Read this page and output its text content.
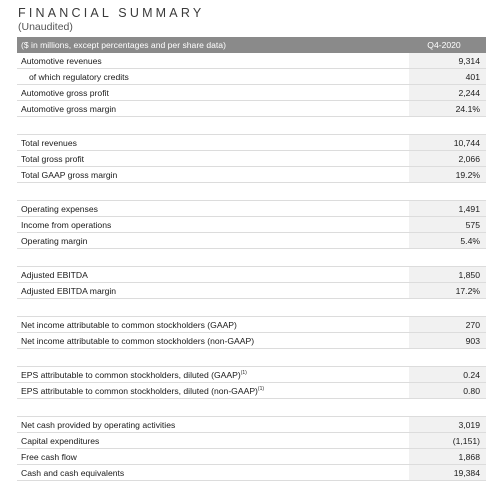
FINANCIAL SUMMARY
(Unaudited)
($ in millions, except percentages and per share data)	Q4-2020
Automotive revenues	9,314
of which regulatory credits	401
Automotive gross profit	2,244
Automotive gross margin	24.1%
Total revenues	10,744
Total gross profit	2,066
Total GAAP gross margin	19.2%
Operating expenses	1,491
Income from operations	575
Operating margin	5.4%
Adjusted EBITDA	1,850
Adjusted EBITDA margin	17.2%
Net income attributable to common stockholders (GAAP)	270
Net income attributable to common stockholders (non-GAAP)	903
EPS attributable to common stockholders, diluted (GAAP)$^{(1)}$	0.24
EPS attributable to common stockholders, diluted (non-GAAP)$^{(1)}$	0.80
Net cash provided by operating activities	3,019
Capital expenditures	(1,151)
Free cash flow	1,868
Cash and cash equivalents	19,384
